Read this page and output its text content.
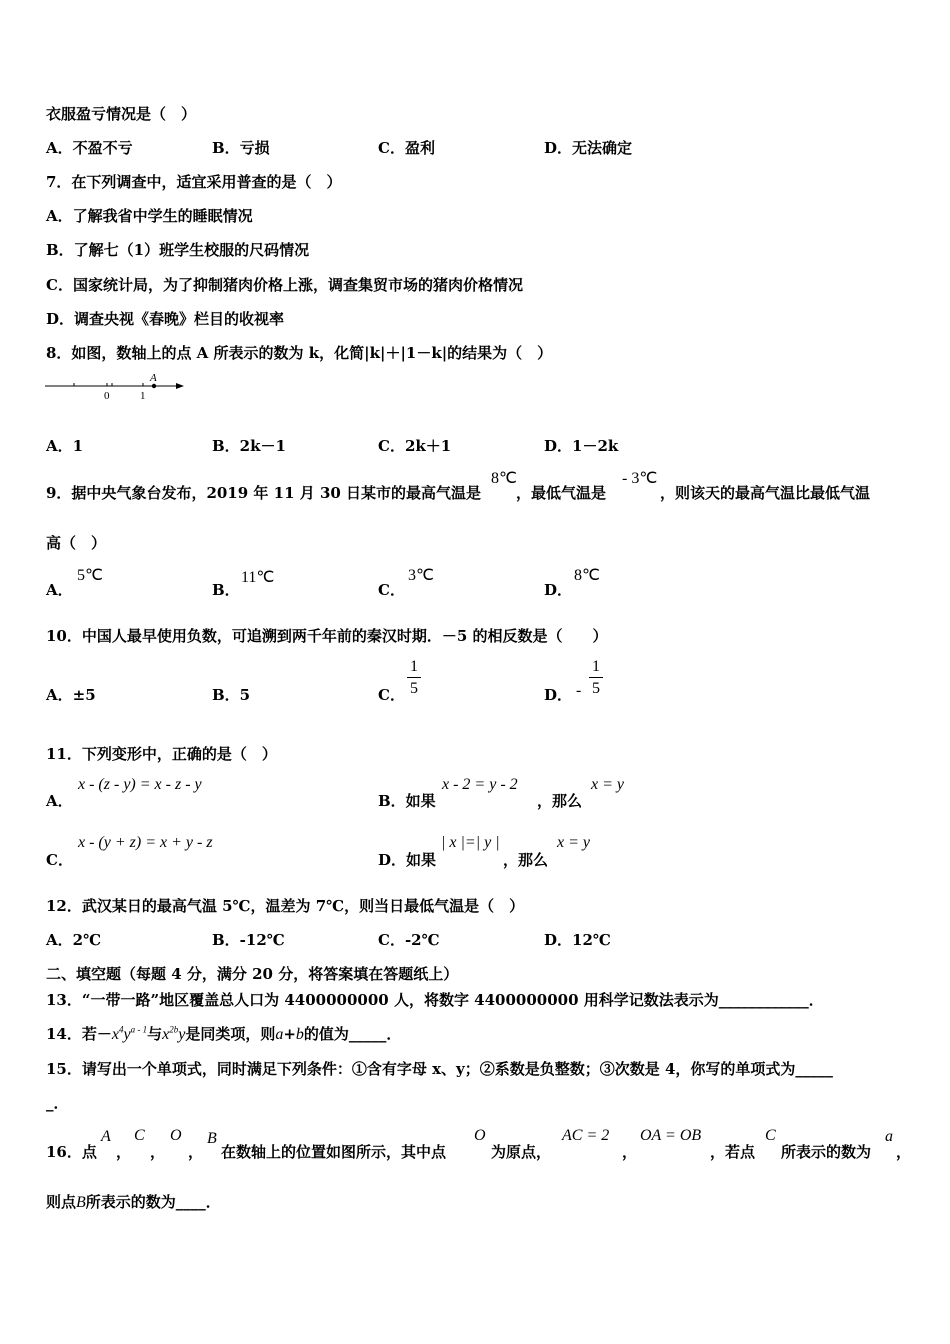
衣服盈亏情况是（　）
A．不盈不亏	B．亏损	C．盈利	D．无法确定
7．在下列调查中，适宜采用普查的是（　）
A．了解我省中学生的睡眠情况
B．了解七（1）班学生校服的尺码情况
C．国家统计局，为了抑制猪肉价格上涨，调查集贸市场的猪肉价格情况
D．调查央视《春晚》栏目的收视率
8．如图，数轴上的点 A 所表示的数为 k，化简|k|＋|1－k|的结果为（　）
0	1
A
A．1	B．2k－1	C．2k＋1	D．1－2k
9．据中央气象台发布，2019 年 11 月 30 日某市的最高气温是
8℃
，最低气温是
- 3℃
，则该天的最高气温比最低气温
高（　）
A．
5℃
B．
11℃
C．
3℃
D．
8℃
10．中国人最早使用负数，可追溯到两千年前的秦汉时期．－5 的相反数是（　　）
A．±5	B．5	C． $\frac{1}{5}$	D． - $\frac{1}{5}$
11．下列变形中，正确的是（　）
A．
x - (z - y) = x - z - y
B．如果
x - 2 = y - 2
，那么
x = y
C．
x - (y + z) = x + y - z
D．如果
| x |=| y |
，那么
x = y
12．武汉某日的最高气温 5℃，温差为 7℃，则当日最低气温是（　）
A．2℃	B．-12℃	C．-2℃	D．12℃
二、填空题（每题 4 分，满分 20 分，将答案填在答题纸上）
13．“一带一路”地区覆盖总人口为 4400000000 人，将数字 4400000000 用科学记数法表示为____________．
14．若$-x^4y^{a - 1}$与$x^{2b}y$是同类项，则a+b的值为_____．
15．请写出一个单项式，同时满足下列条件：①含有字母 x、y；②系数是负整数；③次数是 4，你写的单项式为_____
_．
16．点
A
，
C
，
O
，
B
在数轴上的位置如图所示，其中点
O
为原点，
AC = 2
，
OA = OB
，若点
C
所表示的数为
a
，
则点B所表示的数为____．
